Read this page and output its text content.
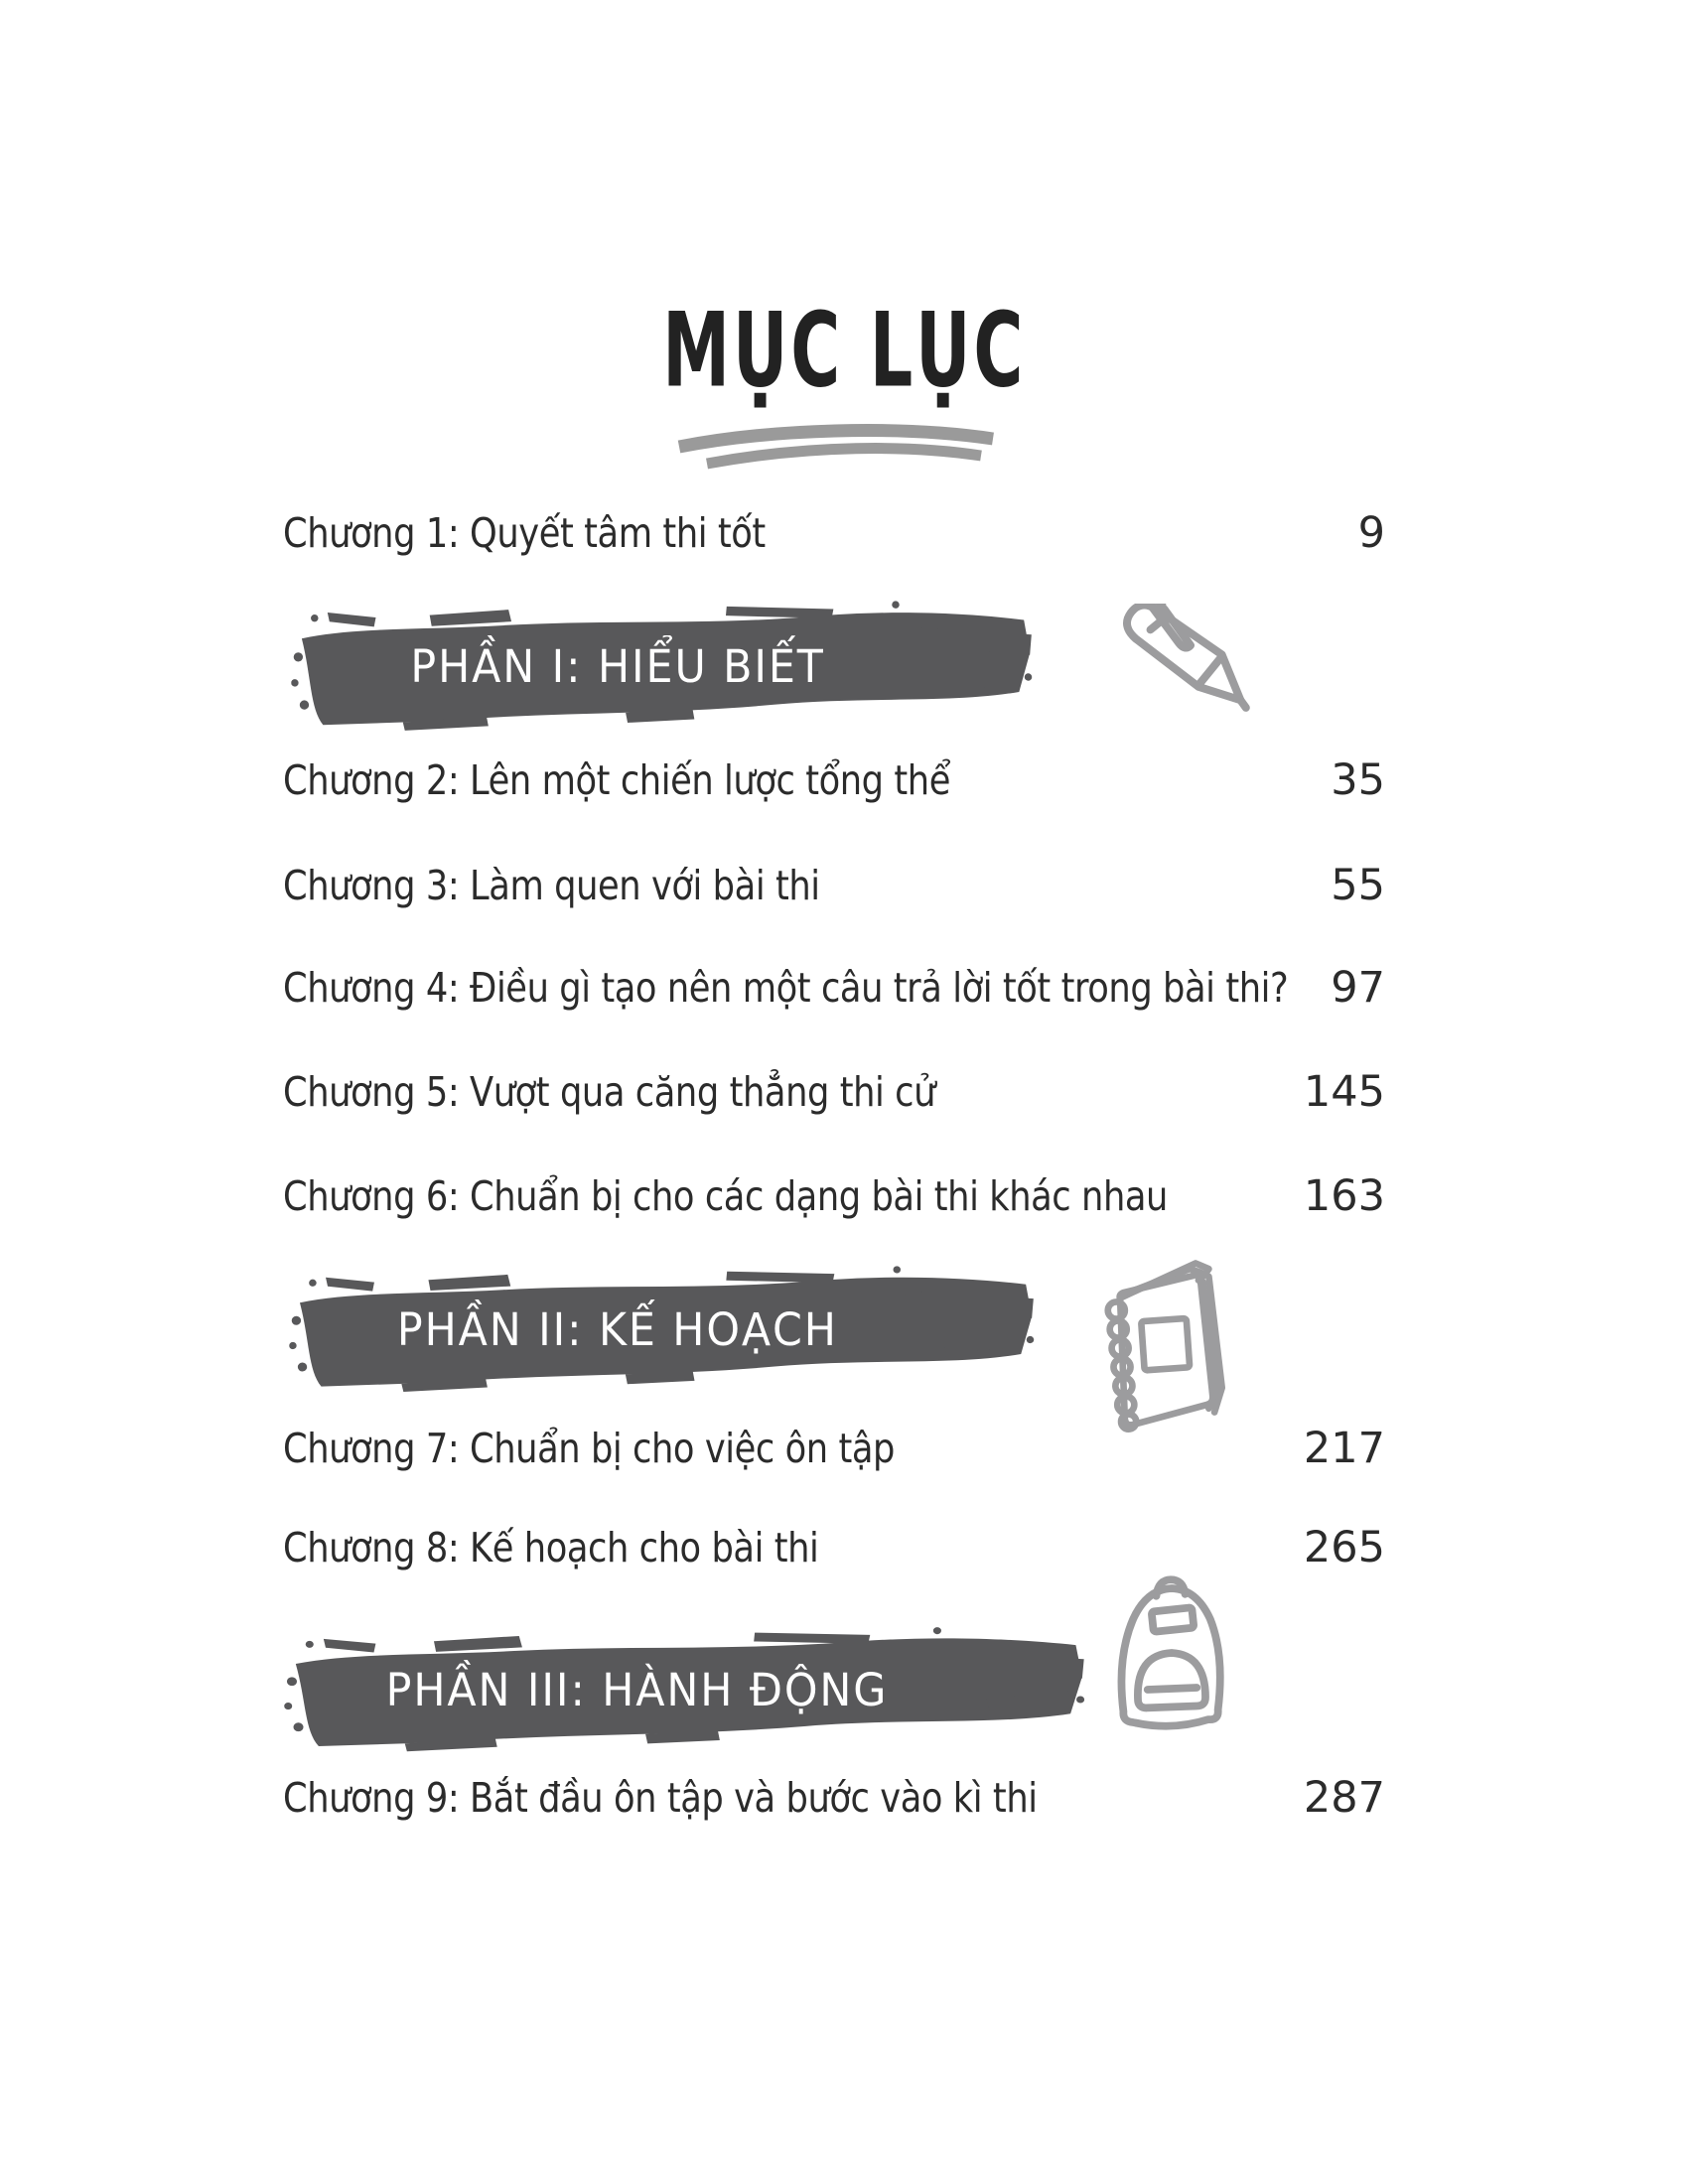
MỤC LỤC
Chương 1: Quyết tâm thi tốt	9
PHẦN I: HIỂU BIẾT
Chương 2: Lên một chiến lược tổng thể	35
Chương 3: Làm quen với bài thi	55
Chương 4: Điều gì tạo nên một câu trả lời tốt trong bài thi? 97
Chương 5: Vượt qua căng thẳng thi cử	145
Chương 6: Chuẩn bị cho các dạng bài thi khác nhau	163
PHẦN II: KẾ HOẠCH
Chương 7: Chuẩn bị cho việc ôn tập	217
Chương 8: Kế hoạch cho bài thi	265
PHẦN III: HÀNH ĐỘNG
Chương 9: Bắt đầu ôn tập và bước vào kì thi	287
